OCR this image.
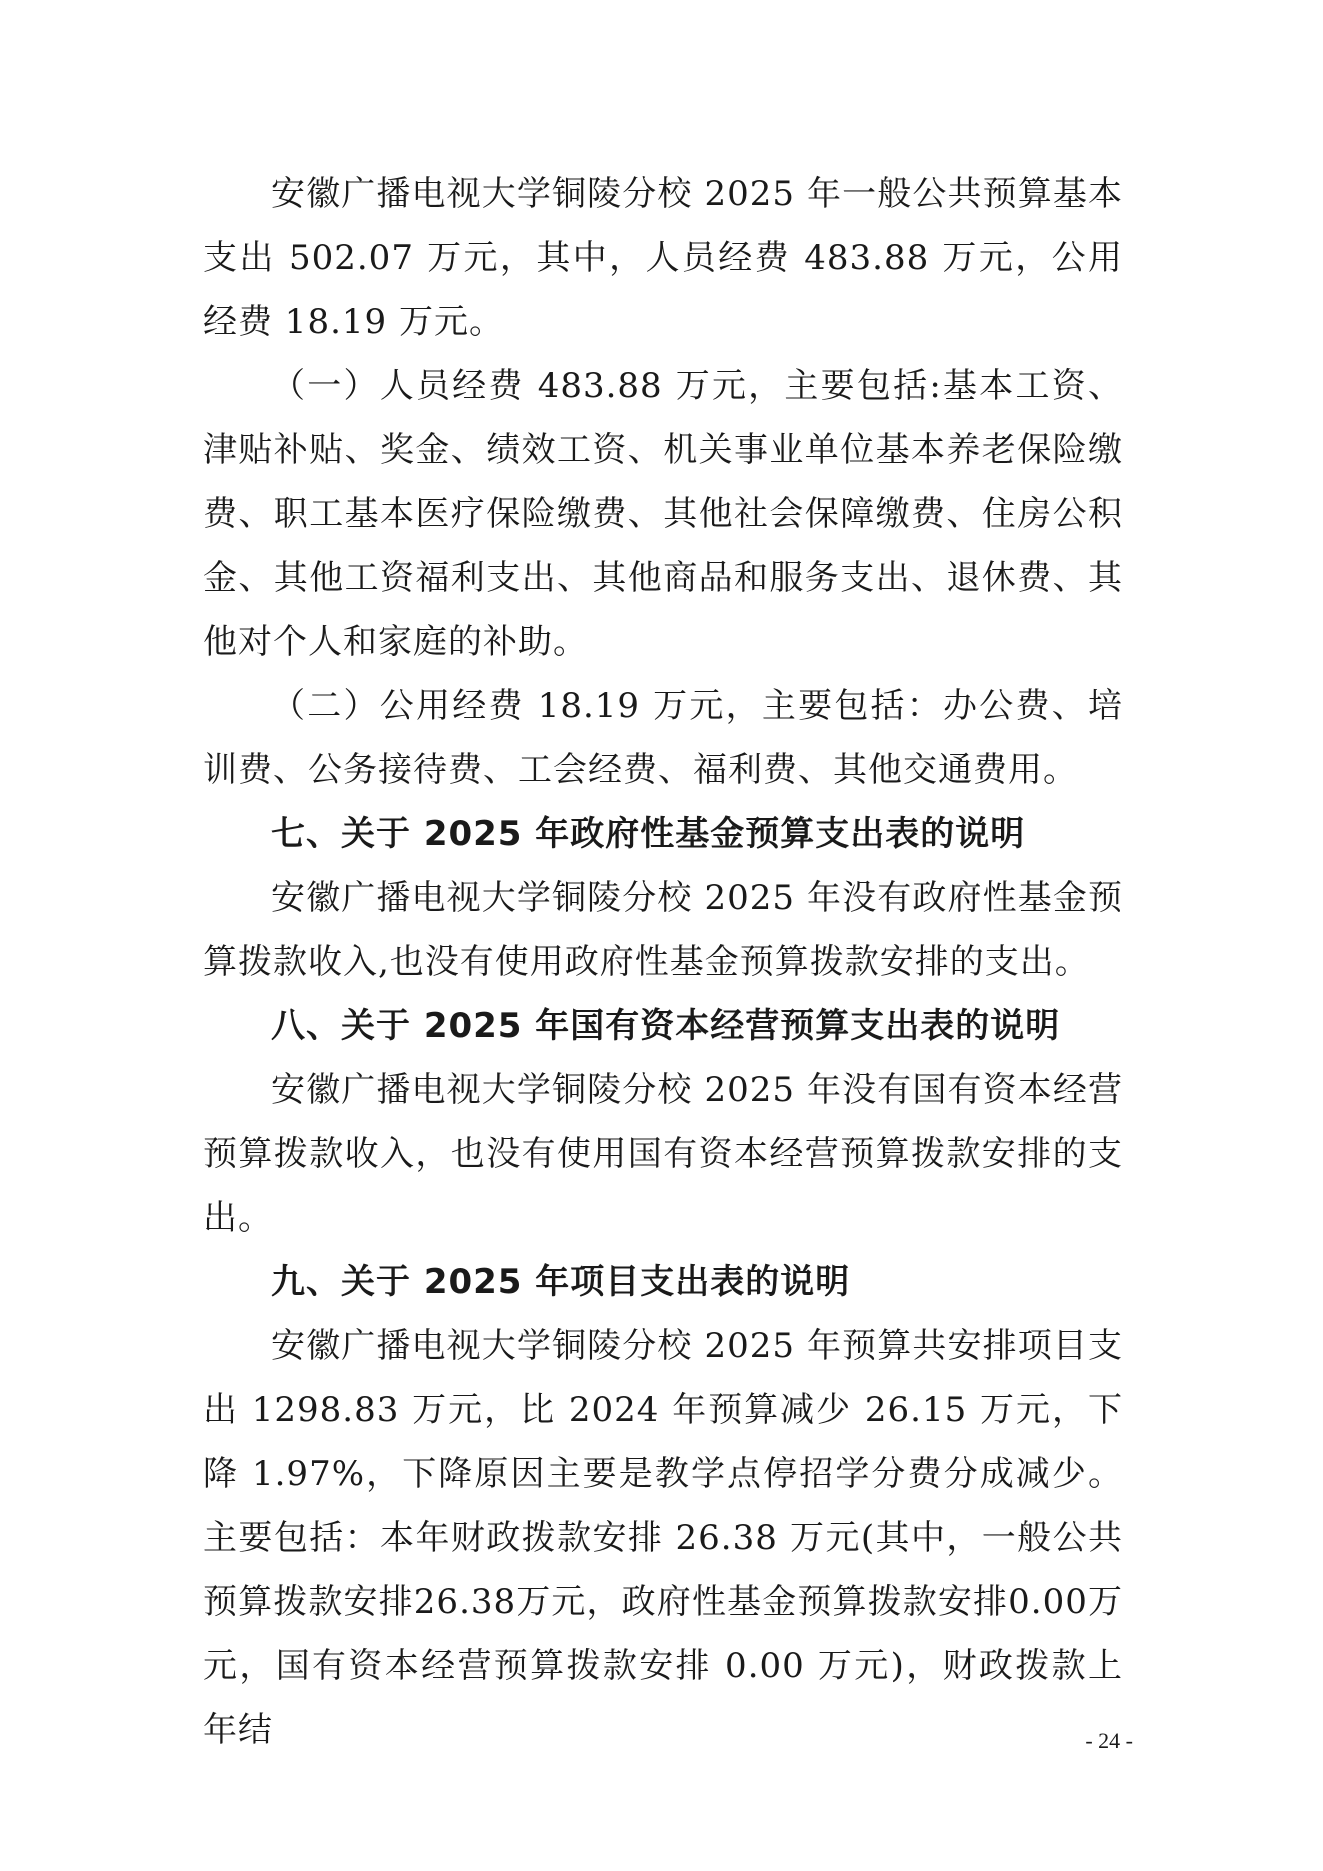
安徽广播电视大学铜陵分校 2025 年一般公共预算基本支出 502.07 万元，其中，人员经费 483.88 万元，公用经费 18.19 万元。

（一）人员经费 483.88 万元，主要包括:基本工资、津贴补贴、奖金、绩效工资、机关事业单位基本养老保险缴费、职工基本医疗保险缴费、其他社会保障缴费、住房公积金、其他工资福利支出、其他商品和服务支出、退休费、其他对个人和家庭的补助。

（二）公用经费 18.19 万元，主要包括：办公费、培训费、公务接待费、工会经费、福利费、其他交通费用。

七、关于 2025 年政府性基金预算支出表的说明

安徽广播电视大学铜陵分校 2025 年没有政府性基金预算拨款收入,也没有使用政府性基金预算拨款安排的支出。

八、关于 2025 年国有资本经营预算支出表的说明

安徽广播电视大学铜陵分校 2025 年没有国有资本经营预算拨款收入，也没有使用国有资本经营预算拨款安排的支出。

九、关于 2025 年项目支出表的说明

安徽广播电视大学铜陵分校 2025 年预算共安排项目支出 1298.83 万元，比 2024 年预算减少 26.15 万元，下降 1.97%，下降原因主要是教学点停招学分费分成减少。主要包括：本年财政拨款安排 26.38 万元(其中，一般公共预算拨款安排26.38万元，政府性基金预算拨款安排0.00万元，国有资本经营预算拨款安排 0.00 万元)，财政拨款上年结	- 24 -
